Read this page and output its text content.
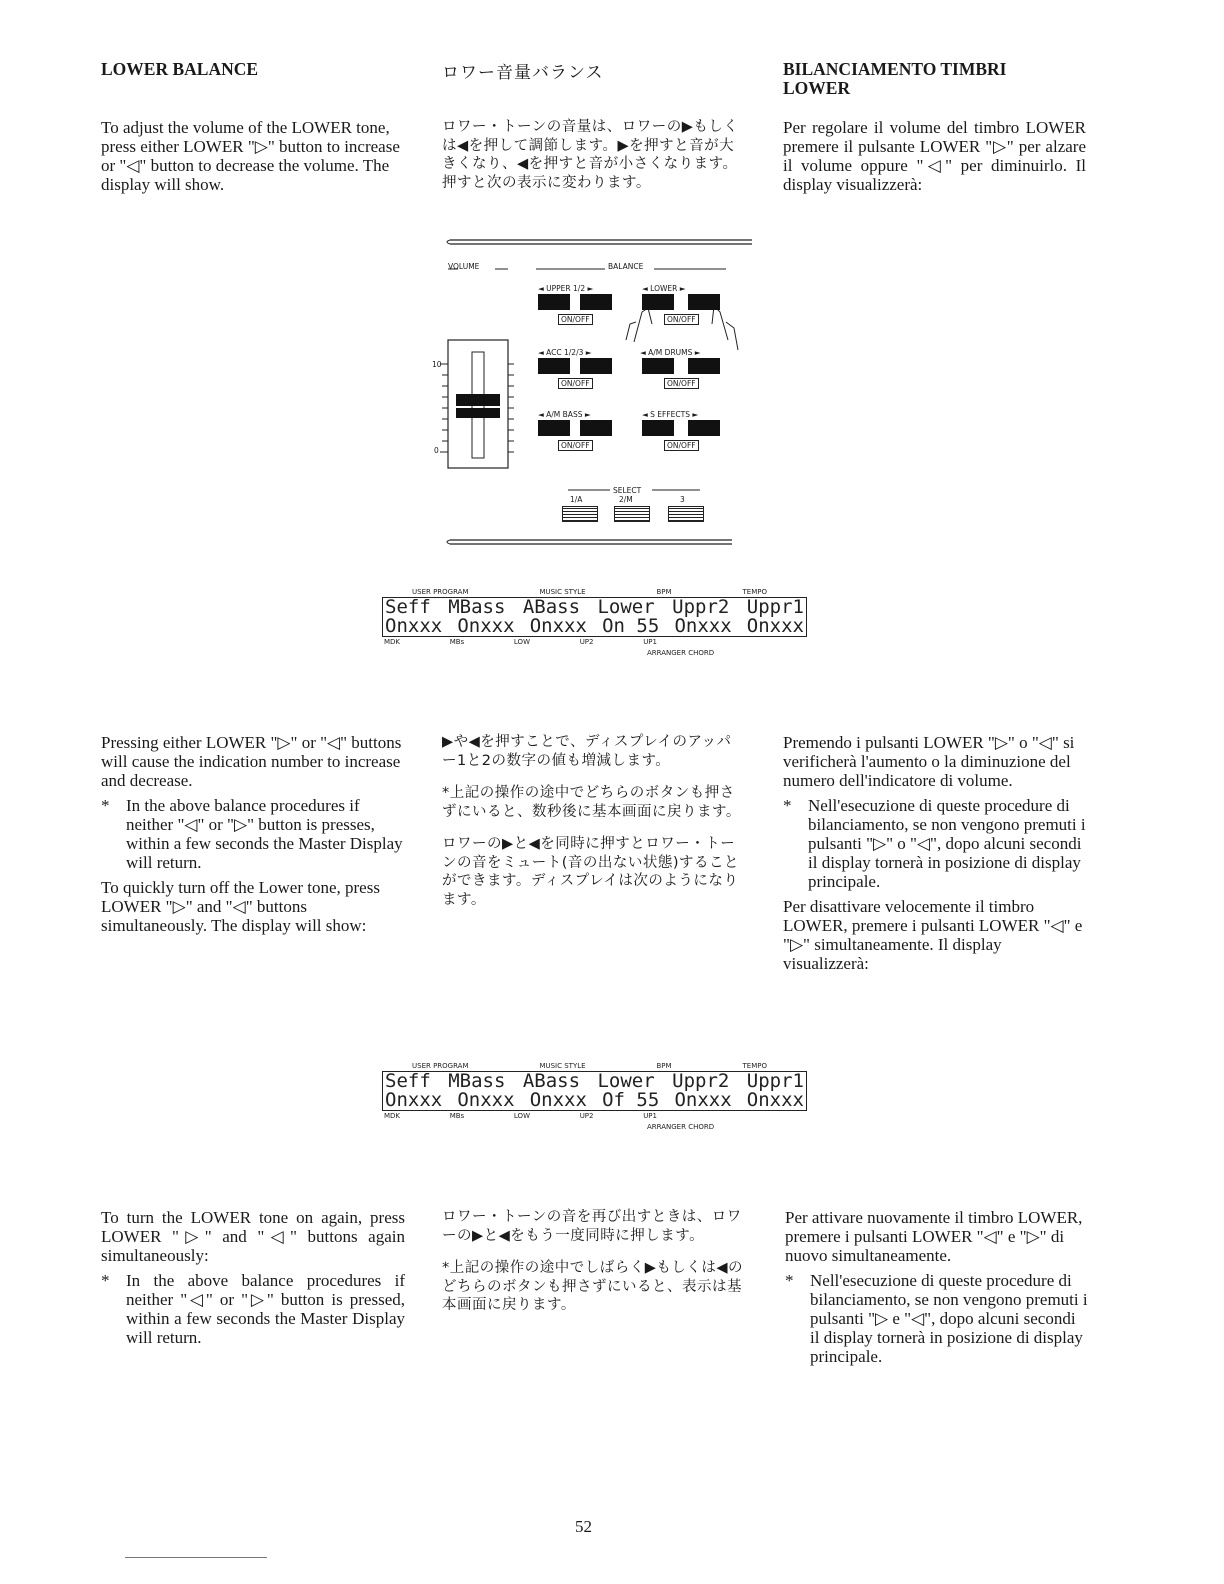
LOWER BALANCE	ロワー音量バランス	BILANCIAMENTO TIMBRI
LOWER

To adjust the volume of the LOWER tone, press either LOWER "▷" button to increase or "◁" button to decrease the volume. The display will show.

ロワー・トーンの音量は、ロワーの▶もしくは◀を押して調節します。▶を押すと音が大きくなり、◀を押すと音が小さくなります。押すと次の表示に変わります。

Per regolare il volume del timbro LOWER premere il pulsante LOWER "▷" per alzare il volume oppure "◁" per diminuirlo. Il display visualizzerà:

VOLUME	BALANCE
◄ UPPER 1/2 ►	◄ LOWER ►
ON/OFF	ON/OFF
◄ ACC 1/2/3 ►	◄ A/M DRUMS ►
ON/OFF	ON/OFF
◄ A/M BASS ►	◄ S EFFECTS ►
ON/OFF	ON/OFF
10
0
SELECT
1/A	2/M	3
USER PROGRAM	MUSIC STYLE	BPM	TEMPO
Seff MBass ABass Lower Uppr2 Uppr1
Onxxx Onxxx Onxxx On 55 Onxxx Onxxx
MDK	MBs	LOW	UP2	UP1
ARRANGER CHORD

Pressing either LOWER "▷" or "◁" buttons will cause the indication number to increase and decrease.

* In the above balance procedures if neither "◁" or "▷" button is presses, within a few seconds the Master Display will return.

To quickly turn off the Lower tone, press LOWER "▷" and "◁" buttons simultaneously. The display will show:

▶や◀を押すことで、ディスプレイのアッパー1と2の数字の値も増減します。

*上記の操作の途中でどちらのボタンも押さずにいると、数秒後に基本画面に戻ります。

ロワーの▶と◀を同時に押すとロワー・トーンの音をミュート(音の出ない状態)することができます。ディスプレイは次のようになります。

Premendo i pulsanti LOWER "▷" o "◁" si verificherà l'aumento o la diminuzione del numero dell'indicatore di volume.

* Nell'esecuzione di queste procedure di bilanciamento, se non vengono premuti i pulsanti "▷" o "◁", dopo alcuni secondi il display tornerà in posizione di display principale.

Per disattivare velocemente il timbro LOWER, premere i pulsanti LOWER "◁" e "▷" simultaneamente. Il display visualizzerà:

USER PROGRAM	MUSIC STYLE	BPM	TEMPO
Seff MBass ABass Lower Uppr2 Uppr1
Onxxx Onxxx Onxxx Of 55 Onxxx Onxxx
MDK	MBs	LOW	UP2	UP1
ARRANGER CHORD

To turn the LOWER tone on again, press LOWER "▷" and "◁" buttons again simultaneously:

* In the above balance procedures if neither "◁" or "▷" button is pressed, within a few seconds the Master Display will return.

ロワー・トーンの音を再び出すときは、ロワーの▶と◀をもう一度同時に押します。

*上記の操作の途中でしばらく▶もしくは◀のどちらのボタンも押さずにいると、表示は基本画面に戻ります。

Per attivare nuovamente il timbro LOWER, premere i pulsanti LOWER "◁" e "▷" di nuovo simultaneamente.

* Nell'esecuzione di queste procedure di bilanciamento, se non vengono premuti i pulsanti "▷ e "◁", dopo alcuni secondi il display tornerà in posizione di display principale.
52
